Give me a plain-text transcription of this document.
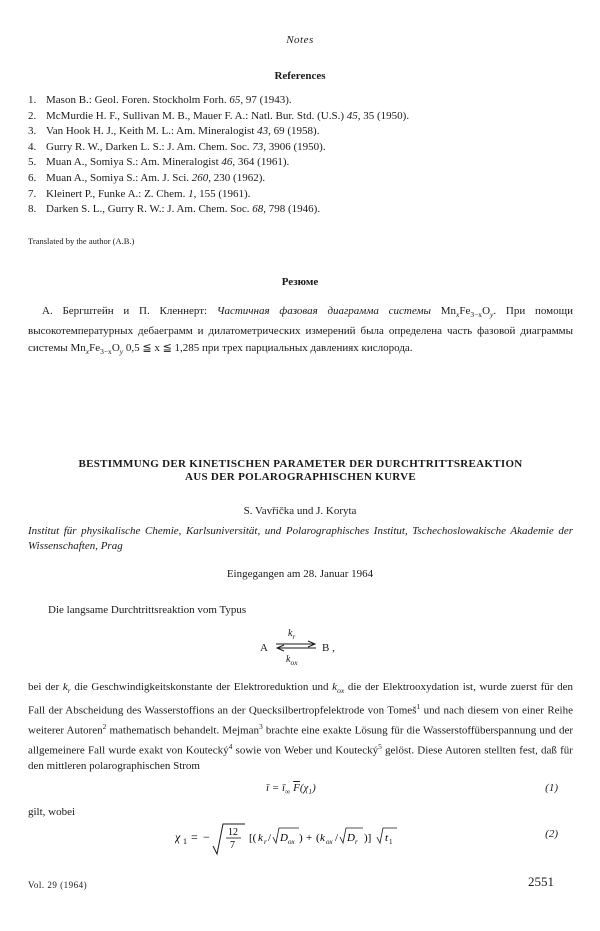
Notes
References
1. Mason B.: Geol. Foren. Stockholm Forh. 65, 97 (1943).
2. McMurdie H. F., Sullivan M. B., Mauer F. A.: Natl. Bur. Std. (U.S.) 45, 35 (1950).
3. Van Hook H. J., Keith M. L.: Am. Mineralogist 43, 69 (1958).
4. Gurry R. W., Darken L. S.: J. Am. Chem. Soc. 73, 3906 (1950).
5. Muan A., Somiya S.: Am. Mineralogist 46, 364 (1961).
6. Muan A., Somiya S.: Am. J. Sci. 260, 230 (1962).
7. Kleinert P., Funke A.: Z. Chem. 1, 155 (1961).
8. Darken S. L., Gurry R. W.: J. Am. Chem. Soc. 68, 798 (1946).
Translated by the author (A.B.)
Резюме
А. Бергштейн и П. Кленнерт: Частичная фазовая диаграмма системы $Mn_xFe_{3-x}O_y$. При помощи высокотемпературных дебаеграмм и дилатометрических измерений была определена часть фазовой диаграммы системы $Mn_xFe_{3-x}O_y$ 0,5 ≦ x ≦ 1,285 при трех парциальных давлениях кислорода.
BESTIMMUNG DER KINETISCHEN PARAMETER DER DURCHTRITTSREAKTION
AUS DER POLAROGRAPHISCHEN KURVE
S. Vavřička und J. Koryta
Institut für physikalische Chemie, Karlsuniversität, und Polarographisches Institut, Tschechoslowakische Akademie der Wissenschaften, Prag
Eingegangen am 28. Januar 1964
Die langsame Durchtrittsreaktion vom Typus
A
$k_r$
$k_{ox}$
B ,
bei der $k_r$ die Geschwindigkeitskonstante der Elektroreduktion und $k_{ox}$ die der Elektrooxydation ist, wurde zuerst für den Fall der Abscheidung des Wasserstoffions an der Quecksilbertropfelektrode von Tomeš$^1$ und nach diesem von einer Reihe weiterer Autoren$^2$ mathematisch behandelt. Mejman$^3$ brachte eine exakte Lösung für die Wasserstoffüberspannung und der allgemeinere Fall wurde exakt von Koutecký$^4$ sowie von Weber und Koutecký$^5$ gelöst. Diese Autoren stellten fest, daß für den mittleren polarographischen Strom
ī = $ī_\infty$ $\overline{F}(\chi_1)$	(1)
gilt, wobei
χ 1 = − 12
7
[( k r / D ox ) + ( k ox / D r )] t 1
(2)
Vol. 29 (1964)	2551
